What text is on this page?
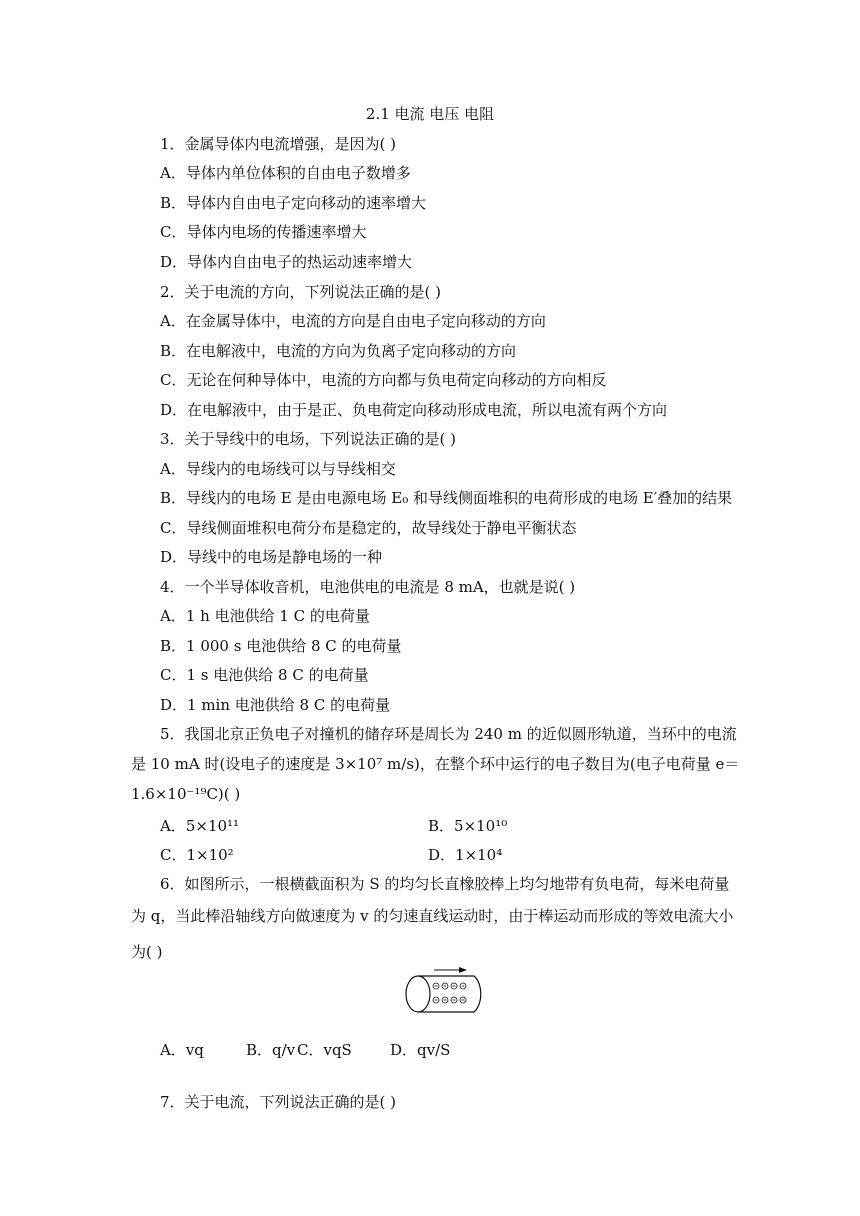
2.1 电流 电压 电阻
1．金属导体内电流增强，是因为( )
A．导体内单位体积的自由电子数增多
B．导体内自由电子定向移动的速率增大
C．导体内电场的传播速率增大
D．导体内自由电子的热运动速率增大
2．关于电流的方向，下列说法正确的是( )
A．在金属导体中，电流的方向是自由电子定向移动的方向
B．在电解液中，电流的方向为负离子定向移动的方向
C．无论在何种导体中，电流的方向都与负电荷定向移动的方向相反
D．在电解液中，由于是正、负电荷定向移动形成电流，所以电流有两个方向
3．关于导线中的电场，下列说法正确的是( )
A．导线内的电场线可以与导线相交
B．导线内的电场 E 是由电源电场 E₀ 和导线侧面堆积的电荷形成的电场 E′叠加的结果
C．导线侧面堆积电荷分布是稳定的，故导线处于静电平衡状态
D．导线中的电场是静电场的一种
4．一个半导体收音机，电池供电的电流是 8 mA，也就是说( )
A．1 h 电池供给 1 C 的电荷量
B．1 000 s 电池供给 8 C 的电荷量
C．1 s 电池供给 8 C 的电荷量
D．1 min 电池供给 8 C 的电荷量
5．我国北京正负电子对撞机的储存环是周长为 240 m 的近似圆形轨道，当环中的电流
是 10 mA 时(设电子的速度是 3×10⁷ m/s)，在整个环中运行的电子数目为(电子电荷量 e＝
1.6×10⁻¹⁹C)( )
A．5×10¹¹	B．5×10¹⁰
C．1×10²	D．1×10⁴
6．如图所示，一根横截面积为 S 的均匀长直橡胶棒上均匀地带有负电荷，每米电荷量
为 q，当此棒沿轴线方向做速度为 v 的匀速直线运动时，由于棒运动而形成的等效电流大小
为( )
A．vq	B．q/v C．vqS	D．qv/S
7．关于电流，下列说法正确的是( )
